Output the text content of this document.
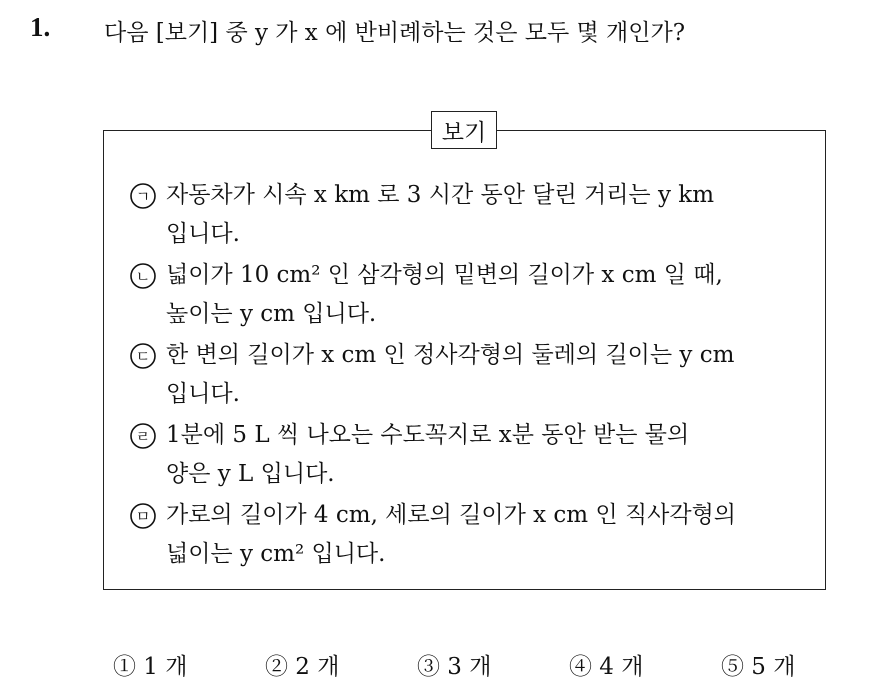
1. 다음 [보기] 중 y 가 x 에 반비례하는 것은 모두 몇 개인가?
보기
ㄱ 자동차가 시속 x km 로 3 시간 동안 달린 거리는 y km
입니다.
ㄴ 넓이가 10 cm² 인 삼각형의 밑변의 길이가 x cm 일 때,
높이는 y cm 입니다.
ㄷ 한 변의 길이가 x cm 인 정사각형의 둘레의 길이는 y cm
입니다.
ㄹ 1분에 5 L 씩 나오는 수도꼭지로 x분 동안 받는 물의
양은 y L 입니다.
ㅁ 가로의 길이가 4 cm, 세로의 길이가 x cm 인 직사각형의
넓이는 y cm² 입니다.
① 1 개	② 2 개	③ 3 개	④ 4 개	⑤ 5 개
